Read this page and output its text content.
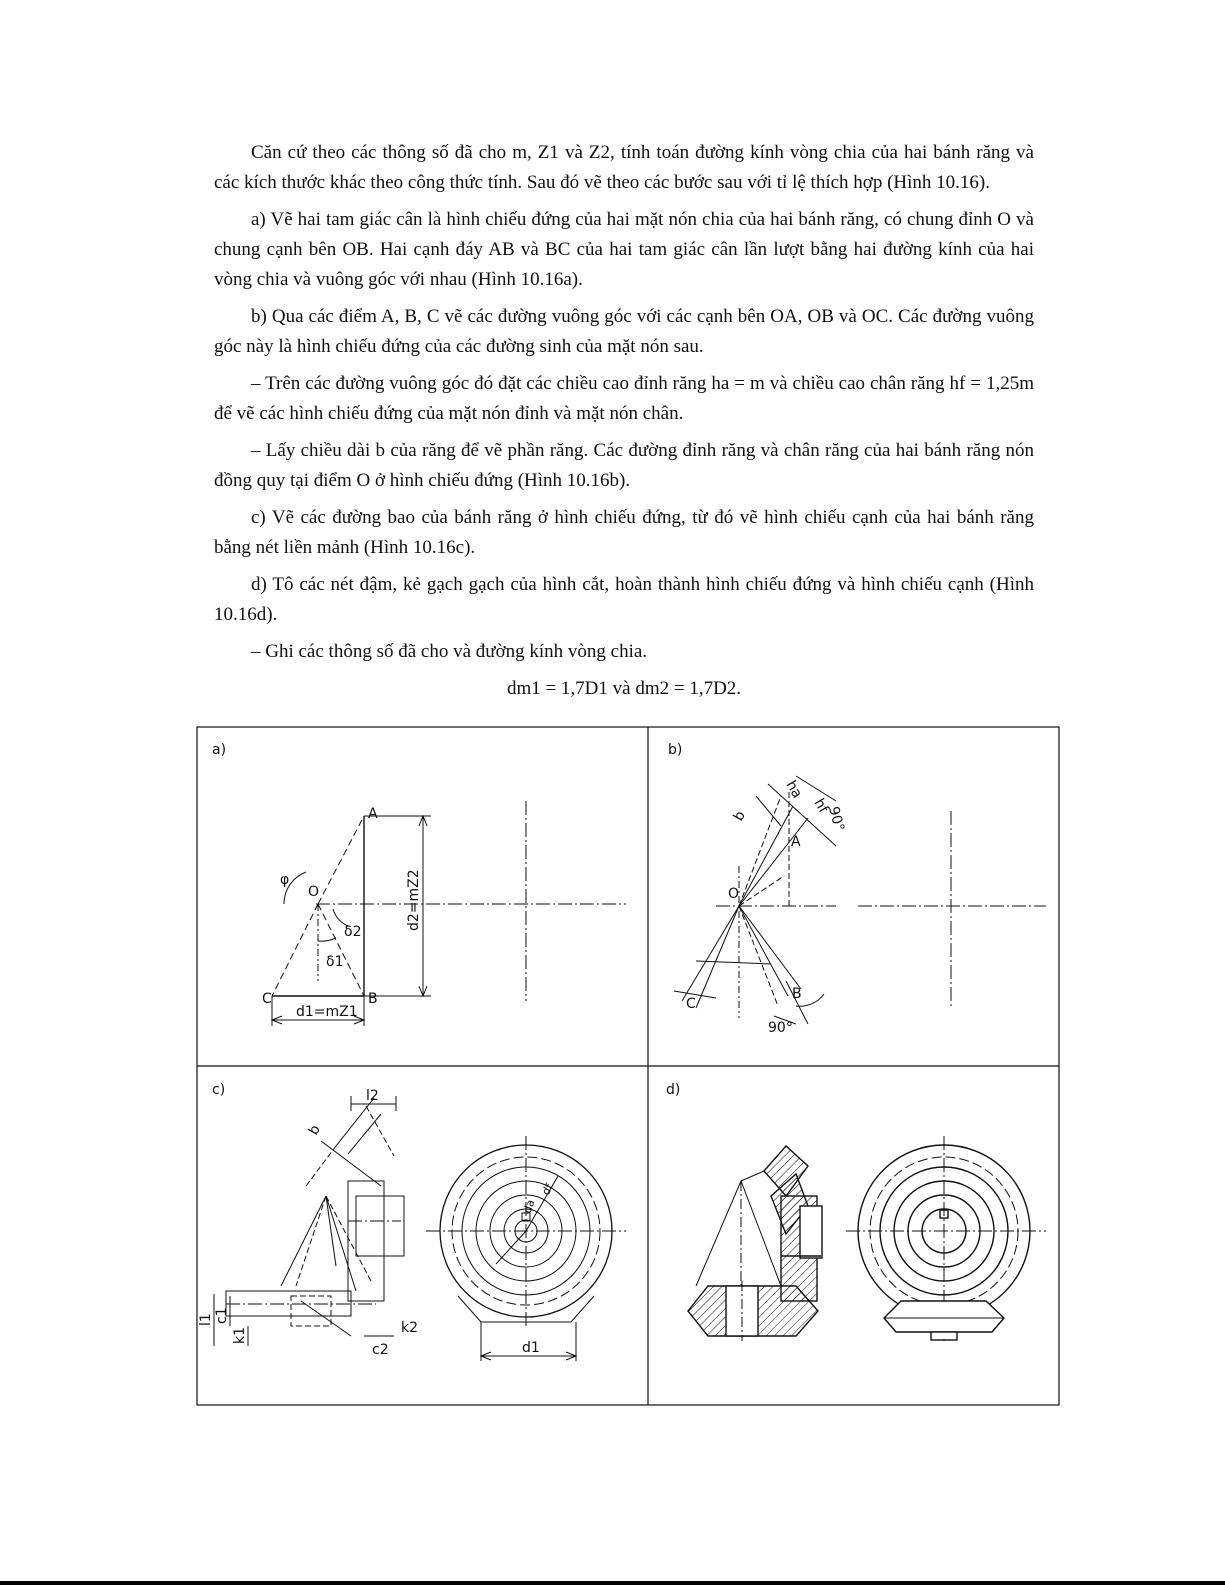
Căn cứ theo các thông số đã cho m, Z1 và Z2, tính toán đường kính vòng chia của hai bánh răng và các kích thước khác theo công thức tính. Sau đó vẽ theo các bước sau với tỉ lệ thích hợp (Hình 10.16).

a) Vẽ hai tam giác cân là hình chiếu đứng của hai mặt nón chia của hai bánh răng, có chung đỉnh O và chung cạnh bên OB. Hai cạnh đáy AB và BC của hai tam giác cân lần lượt bằng hai đường kính của hai vòng chia và vuông góc với nhau (Hình 10.16a).

b) Qua các điểm A, B, C vẽ các đường vuông góc với các cạnh bên OA, OB và OC. Các đường vuông góc này là hình chiếu đứng của các đường sinh của mặt nón sau.

– Trên các đường vuông góc đó đặt các chiều cao đỉnh răng ha = m và chiều cao chân răng hf = 1,25m để vẽ các hình chiếu đứng của mặt nón đỉnh và mặt nón chân.

– Lấy chiều dài b của răng để vẽ phần răng. Các đường đỉnh răng và chân răng của hai bánh răng nón đồng quy tại điểm O ở hình chiếu đứng (Hình 10.16b).

c) Vẽ các đường bao của bánh răng ở hình chiếu đứng, từ đó vẽ hình chiếu cạnh của hai bánh răng bằng nét liền mảnh (Hình 10.16c).

d) Tô các nét đậm, kẻ gạch gạch của hình cắt, hoàn thành hình chiếu đứng và hình chiếu cạnh (Hình 10.16d).

– Ghi các thông số đã cho và đường kính vòng chia.

dm1 = 1,7D1 và dm2 = 1,7D2.

a)
A
O
B
C
φ
δ2
δ1
d1=mZ1
d2=mZ2
b)
A
O
B
C
ha
hf
b	90°
90°
c)	l2
b
l1 c1
k1	k2
c2	d1
da
df
d)
